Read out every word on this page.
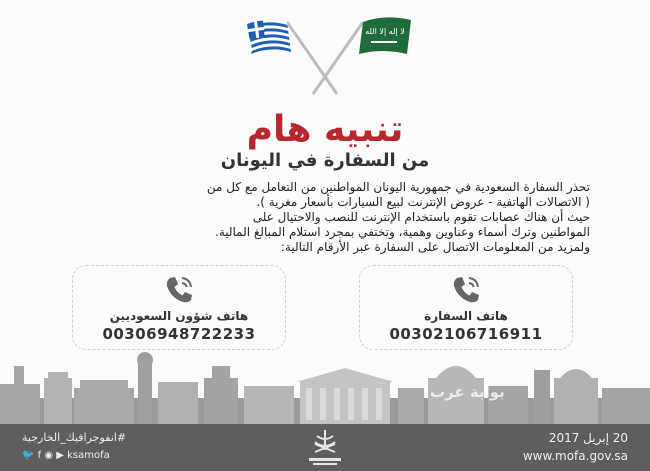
لا إله إلا الله
تنبيه هام
من السفارة في اليونان
تحذر السفارة السعودية في جمهورية اليونان المواطنين من التعامل مع كل من
( الاتصالات الهاتفية - عروض الإنترنت لبيع السيارات بأسعار مغرية ).
حيث أن هناك عصابات تقوم باستخدام الإنترنت للنصب والاحتيال على
المواطنين وترك أسماء وعناوين وهمية، وتختفي بمجرد استلام المبالغ المالية.
ولمزيد من المعلومات الاتصال على السفارة عبر الأرقام التالية:
هاتف السفارة
00302106716911
هاتف شؤون السعوديين
00306948722233
بوابة عرب
#انفوجرافيك_الخارجية
🐦 f ◉ ▶ ksamofa
20 إبريل 2017
www.mofa.gov.sa
